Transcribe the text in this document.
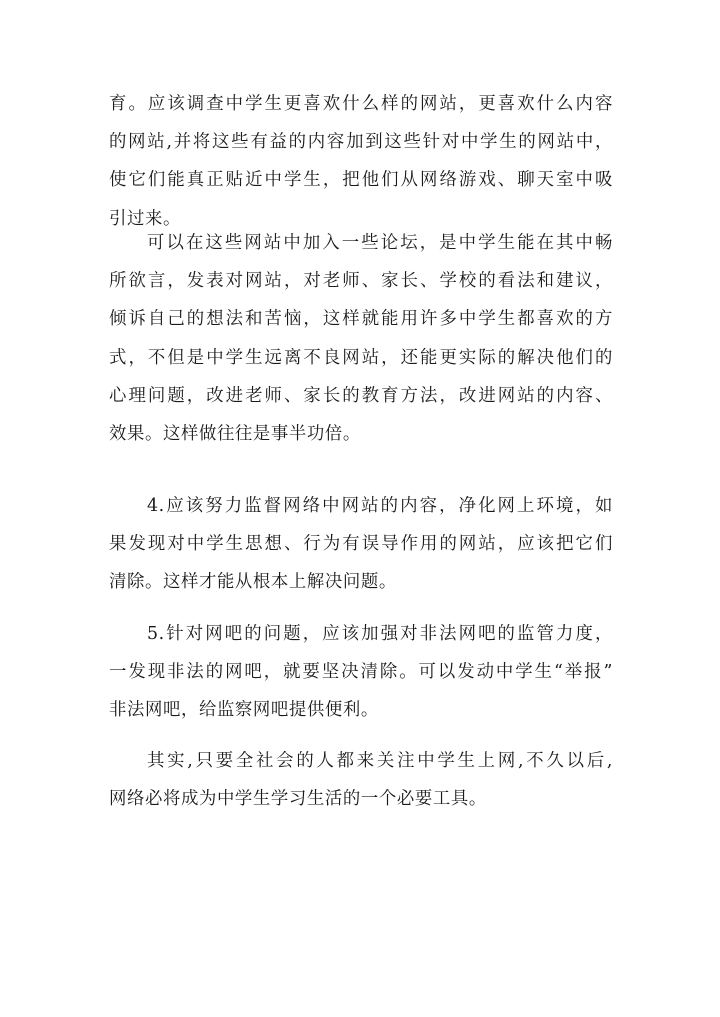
育。应该调查中学生更喜欢什么样的网站，更喜欢什么内容
的网站,并将这些有益的内容加到这些针对中学生的网站中，
使它们能真正贴近中学生，把他们从网络游戏、聊天室中吸
引过来。
可以在这些网站中加入一些论坛，是中学生能在其中畅
所欲言，发表对网站，对老师、家长、学校的看法和建议，
倾诉自己的想法和苦恼，这样就能用许多中学生都喜欢的方
式，不但是中学生远离不良网站，还能更实际的解决他们的
心理问题，改进老师、家长的教育方法，改进网站的内容、
效果。这样做往往是事半功倍。
4.应该努力监督网络中网站的内容，净化网上环境，如
果发现对中学生思想、行为有误导作用的网站，应该把它们
清除。这样才能从根本上解决问题。
5.针对网吧的问题，应该加强对非法网吧的监管力度，
一发现非法的网吧，就要坚决清除。可以发动中学生“举报”
非法网吧，给监察网吧提供便利。
其实,只要全社会的人都来关注中学生上网,不久以后,
网络必将成为中学生学习生活的一个必要工具。
